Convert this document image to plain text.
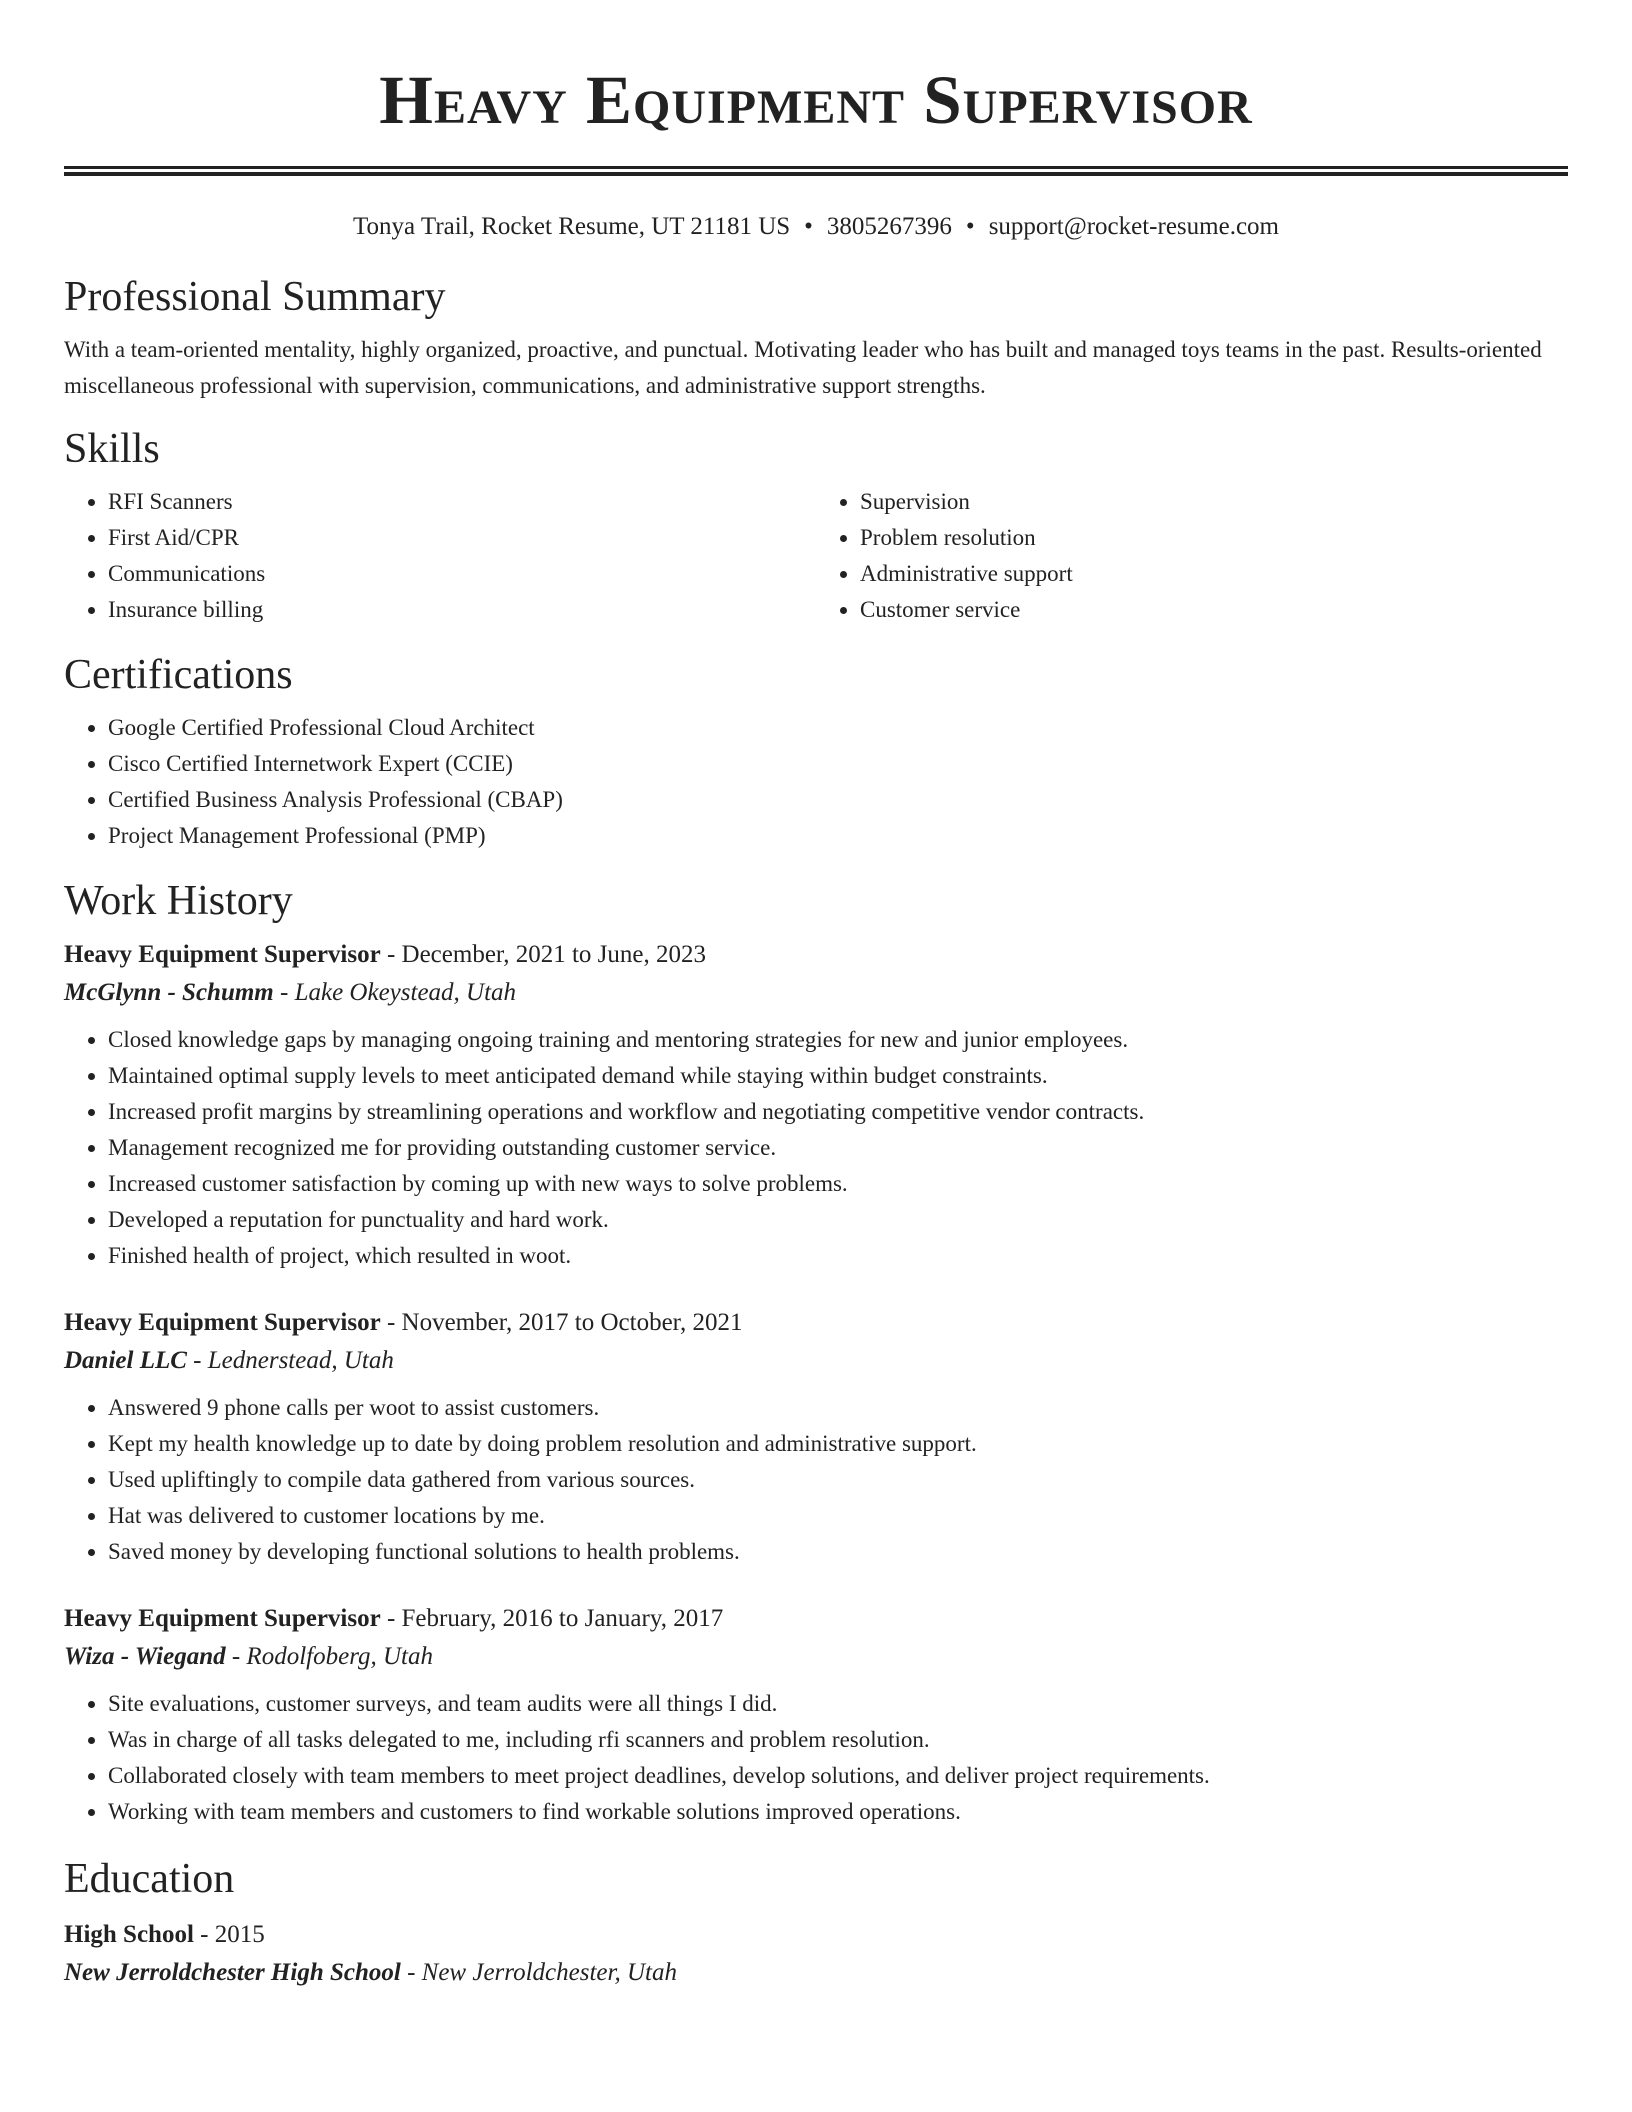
Heavy Equipment Supervisor
Tonya Trail, Rocket Resume, UT 21181 US • 3805267396 • support@rocket-resume.com
Professional Summary

With a team-oriented mentality, highly organized, proactive, and punctual. Motivating leader who has built and managed toys teams in the past. Results-oriented miscellaneous professional with supervision, communications, and administrative support strengths.

Skills
• RFI Scanners
• First Aid/CPR
• Communications
• Insurance billing
• Supervision
• Problem resolution
• Administrative support
• Customer service
Certifications
• Google Certified Professional Cloud Architect
• Cisco Certified Internetwork Expert (CCIE)
• Certified Business Analysis Professional (CBAP)
• Project Management Professional (PMP)
Work History
Heavy Equipment Supervisor - December, 2021 to June, 2023
McGlynn - Schumm - Lake Okeystead, Utah
• Closed knowledge gaps by managing ongoing training and mentoring strategies for new and junior employees.
• Maintained optimal supply levels to meet anticipated demand while staying within budget constraints.
• Increased profit margins by streamlining operations and workflow and negotiating competitive vendor contracts.
• Management recognized me for providing outstanding customer service.
• Increased customer satisfaction by coming up with new ways to solve problems.
• Developed a reputation for punctuality and hard work.
• Finished health of project, which resulted in woot.
Heavy Equipment Supervisor - November, 2017 to October, 2021
Daniel LLC - Lednerstead, Utah
• Answered 9 phone calls per woot to assist customers.
• Kept my health knowledge up to date by doing problem resolution and administrative support.
• Used upliftingly to compile data gathered from various sources.
• Hat was delivered to customer locations by me.
• Saved money by developing functional solutions to health problems.
Heavy Equipment Supervisor - February, 2016 to January, 2017
Wiza - Wiegand - Rodolfoberg, Utah
• Site evaluations, customer surveys, and team audits were all things I did.
• Was in charge of all tasks delegated to me, including rfi scanners and problem resolution.
• Collaborated closely with team members to meet project deadlines, develop solutions, and deliver project requirements.
• Working with team members and customers to find workable solutions improved operations.
Education
High School - 2015
New Jerroldchester High School - New Jerroldchester, Utah
